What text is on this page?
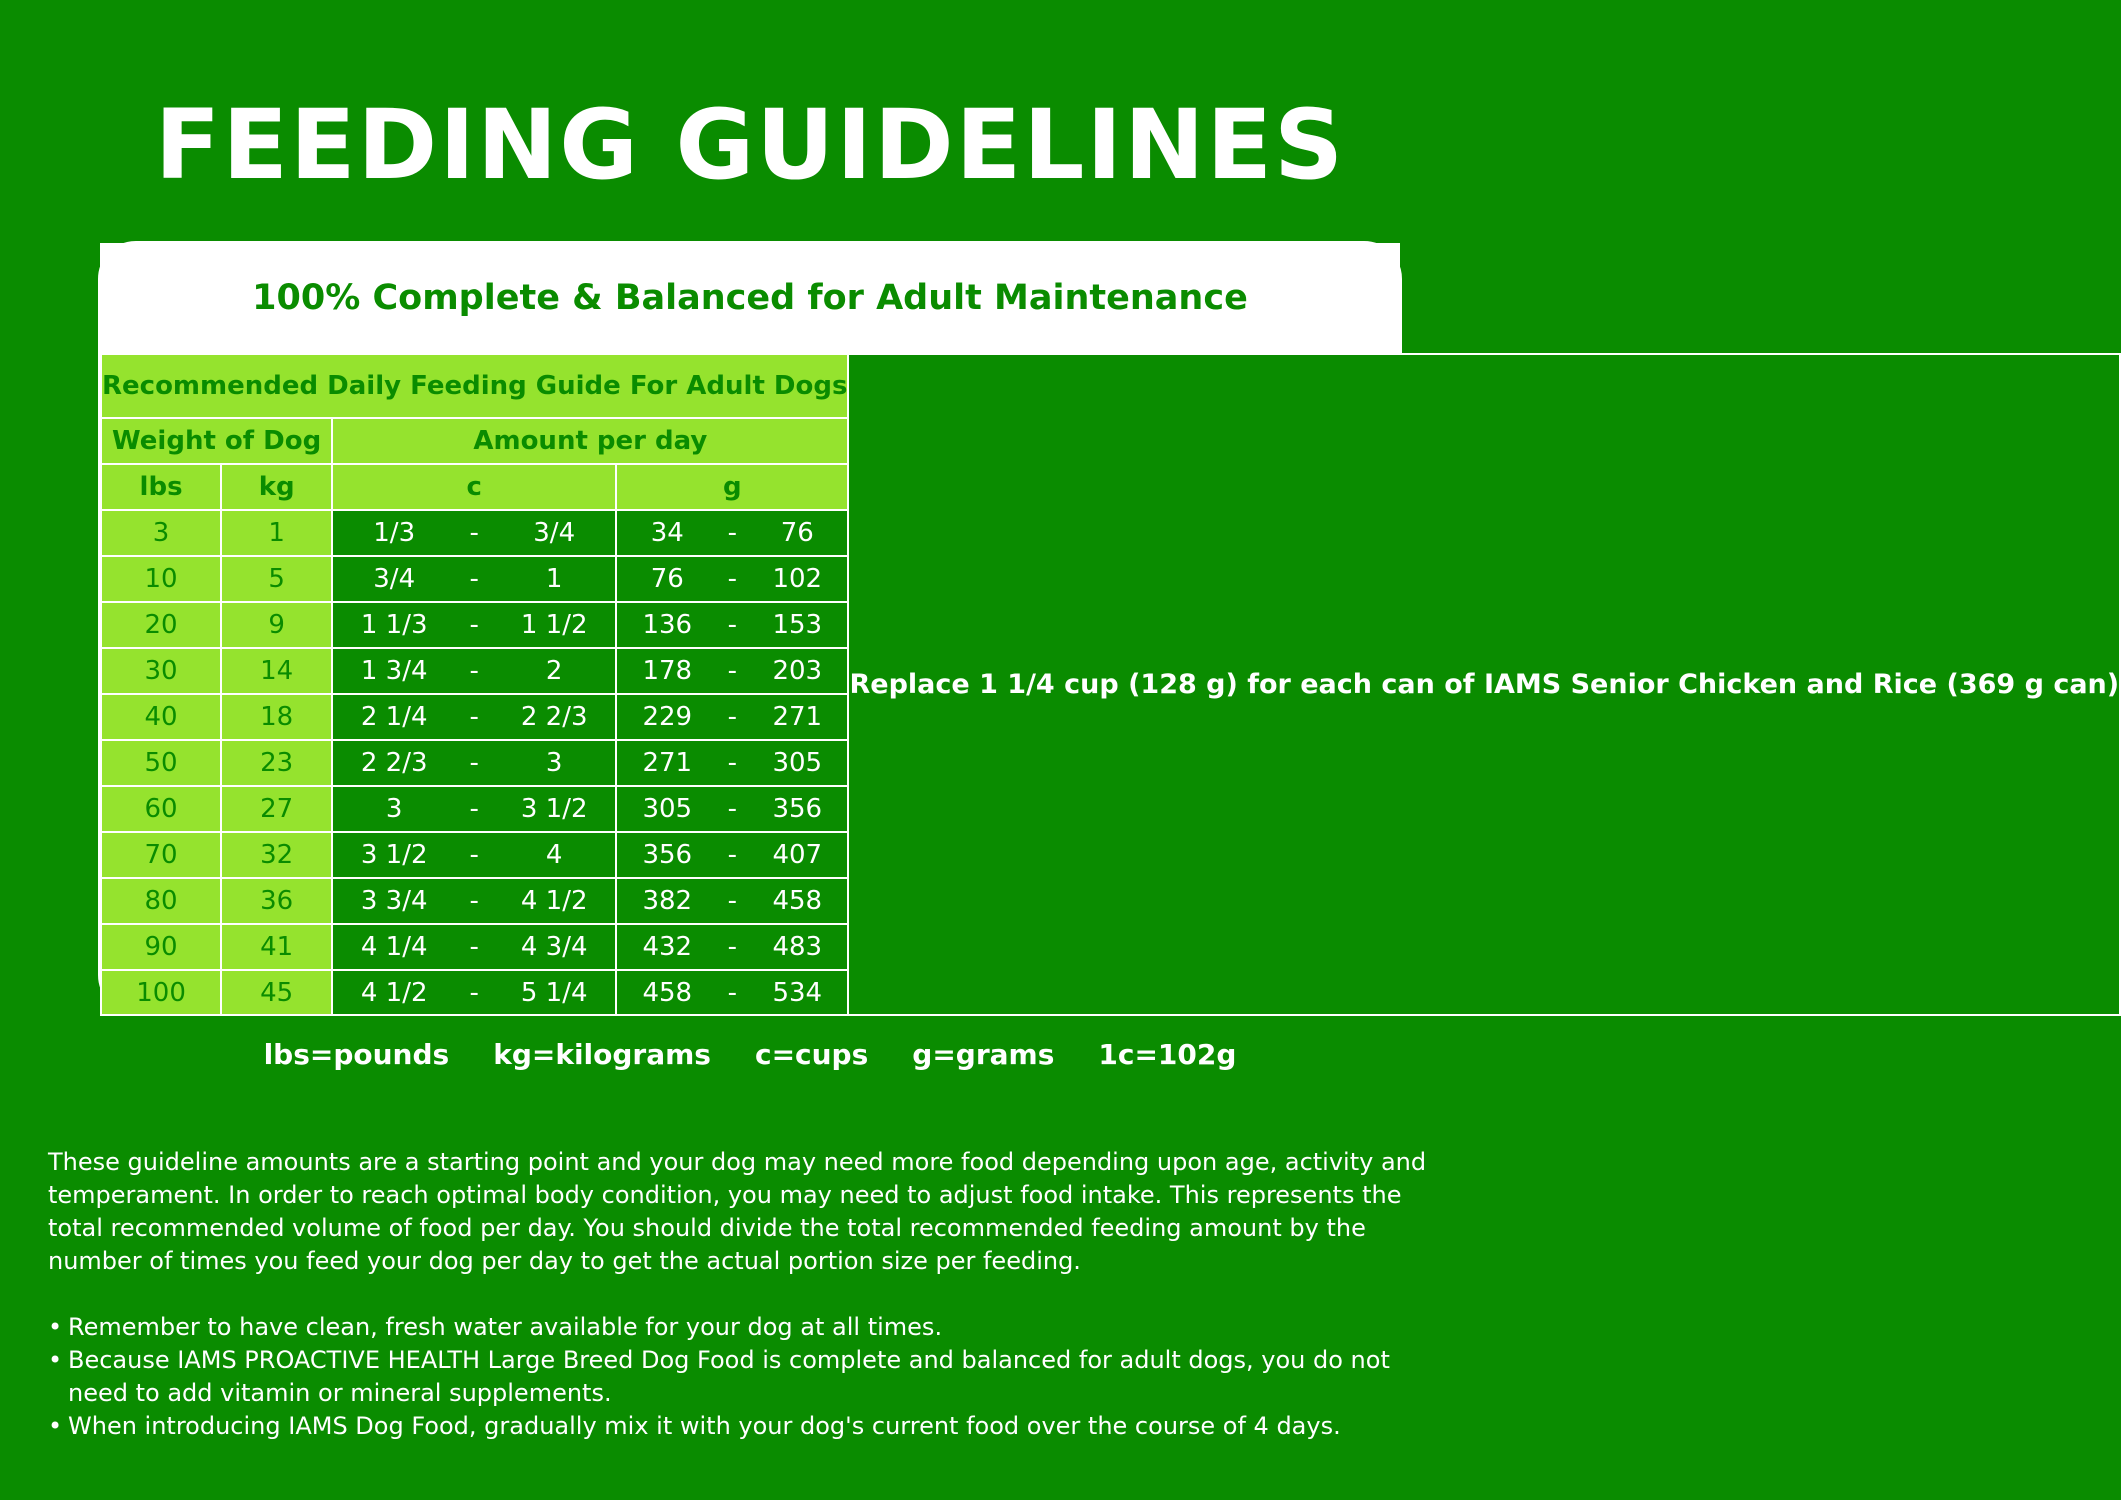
FEEDING GUIDELINES
100% Complete & Balanced for Adult Maintenance
Recommended Daily Feeding Guide For Adult Dogs				Replace 1 1/4 cup (128 g) for each can of IAMS Senior Chicken and Rice (369 g can)
Weight of Dog		Amount per day		
lbs	kg	c	g	
3	1	1/3 - 3/4	34 - 76	
10	5	3/4 - 1	76 - 102	
20	9	1 1/3 - 1 1/2	136 - 153	
30	14	1 3/4 - 2	178 - 203	
40	18	2 1/4 - 2 2/3	229 - 271	
50	23	2 2/3 - 3	271 - 305	
60	27	3 - 3 1/2	305 - 356	
70	32	3 1/2 - 4	356 - 407	
80	36	3 3/4 - 4 1/2	382 - 458	
90	41	4 1/4 - 4 3/4	432 - 483	
100	45	4 1/2 - 5 1/4	458 - 534	
lbs=pounds kg=kilograms c=cups g=grams 1c=102g

These guideline amounts are a starting point and your dog may need more food depending upon age, activity and temperament. In order to reach optimal body condition, you may need to adjust food intake. This represents the total recommended volume of food per day. You should divide the total recommended feeding amount by the number of times you feed your dog per day to get the actual portion size per feeding.

• Remember to have clean, fresh water available for your dog at all times.
• Because IAMS PROACTIVE HEALTH Large Breed Dog Food is complete and balanced for adult dogs, you do not need to add vitamin or mineral supplements.
• When introducing IAMS Dog Food, gradually mix it with your dog's current food over the course of 4 days.
